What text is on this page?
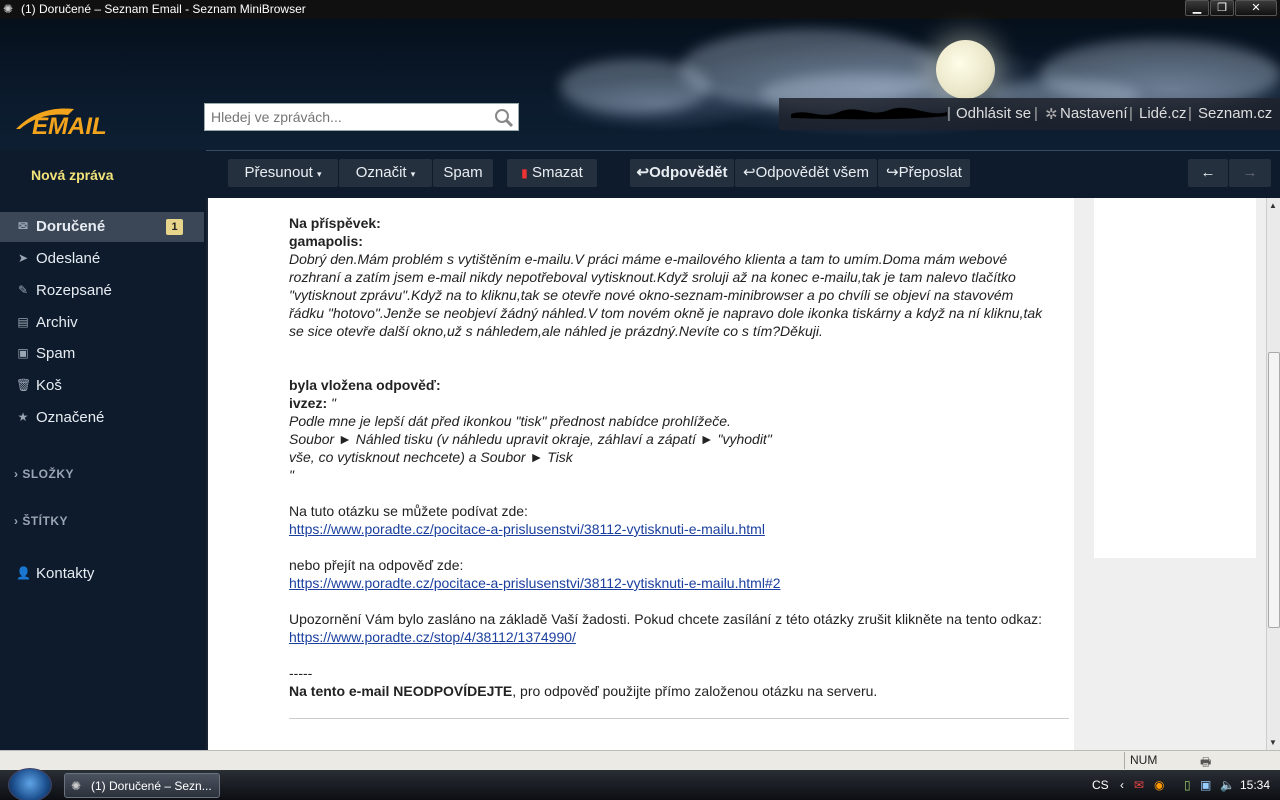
✺ (1) Doručené – Seznam Email - Seznam MiniBrowser	▁	❐	✕
EMAIL
Hledej ve zprávách...	| Odhlásit se | ✲ Nastavení | Lidé.cz | Seznam.cz
Nová zpráva
✉ Doručené	1
➤ Odeslané
✎ Rozepsané
▤ Archiv
▣ Spam
🗑 Koš
★ Označené
› SLOŽKY
› ŠTÍTKY
👤 Kontakty
Přesunout ▾	Označit ▾	Spam	▮ Smazat	↩Odpovědět	↩Odpovědět všem	↪Přeposlat	←	→

Na příspěvek:

gamapolis:

Dobrý den.Mám problém s vytištěním e-mailu.V práci máme e-mailového klienta a tam to umím.Doma mám webové

rozhraní a zatím jsem e-mail nikdy nepotřeboval vytisknout.Když sroluji až na konec e-mailu,tak je tam nalevo tlačítko

"vytisknout zprávu".Když na to kliknu,tak se otevře nové okno-seznam-minibrowser a po chvíli se objeví na stavovém

řádku "hotovo".Jenže se neobjeví žádný náhled.V tom novém okně je napravo dole ikonka tiskárny a když na ní kliknu,tak

se sice otevře další okno,už s náhledem,ale náhled je prázdný.Nevíte co s tím?Děkuji.

byla vložena odpověď:

ivzez: "

Podle mne je lepší dát před ikonkou "tisk" přednost nabídce prohlížeče.

Soubor ► Náhled tisku (v náhledu upravit okraje, záhlaví a zápatí ► "vyhodit"

vše, co vytisknout nechcete) a Soubor ► Tisk

"

Na tuto otázku se můžete podívat zde:

https://www.poradte.cz/pocitace-a-prislusenstvi/38112-vytisknuti-e-mailu.html

nebo přejít na odpověď zde:

https://www.poradte.cz/pocitace-a-prislusenstvi/38112-vytisknuti-e-mailu.html#2

Upozornění Vám bylo zasláno na základě Vaší žadosti. Pokud chcete zasílání z této otázky zrušit klikněte na tento odkaz:

https://www.poradte.cz/stop/4/38112/1374990/

-----

Na tento e-mail NEODPOVÍDEJTE, pro odpověď použijte přímo založenou otázku na serveru.

▲
▼
NUM	🖶
✺ (1) Doručené – Sezn...	CS ‹ ✉ ◉ ▯ ▣ 🔈 15:34
